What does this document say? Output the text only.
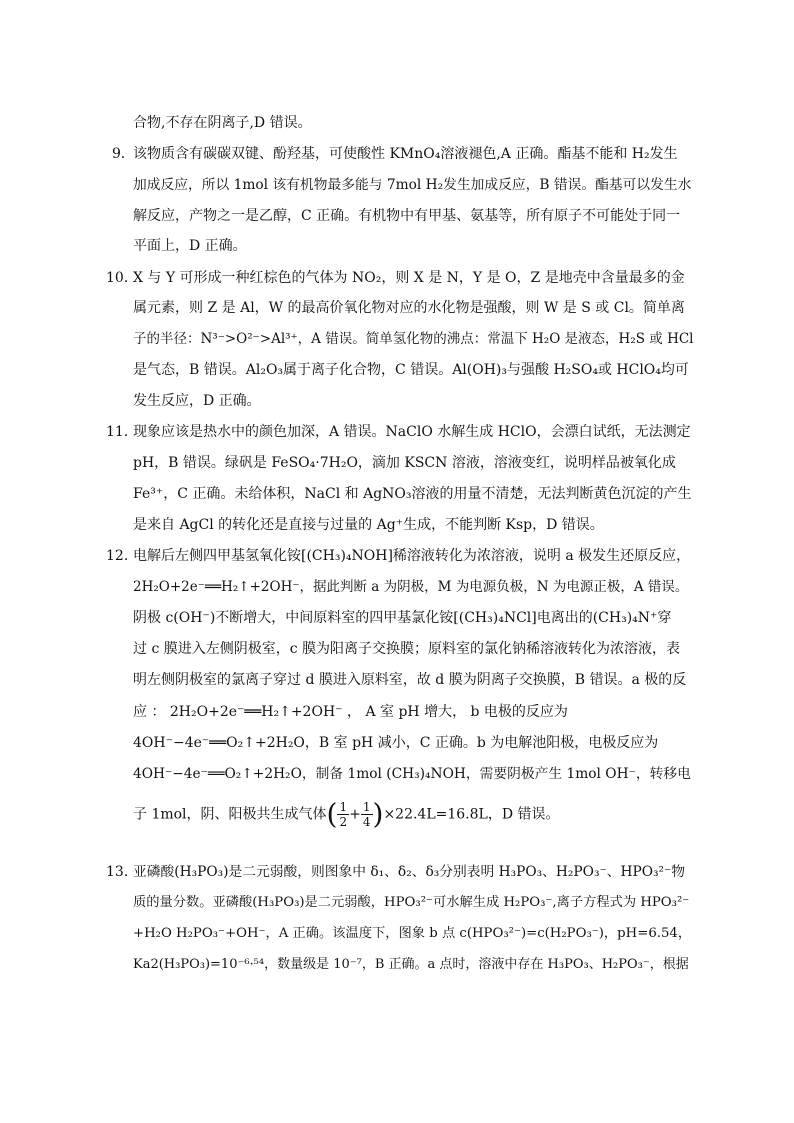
合物,不存在阴离子,D 错误。
9．
该物质含有碳碳双键、酚羟基，可使酸性 KMnO₄溶液褪色,A 正确。酯基不能和 H₂发生
加成反应，所以 1mol 该有机物最多能与 7mol H₂发生加成反应，B 错误。酯基可以发生水
解反应，产物之一是乙醇，C 正确。有机物中有甲基、氨基等，所有原子不可能处于同一
平面上，D 正确。
10．
X 与 Y 可形成一种红棕色的气体为 NO₂，则 X 是 N，Y 是 O，Z 是地壳中含量最多的金
属元素，则 Z 是 Al，W 的最高价氧化物对应的水化物是强酸，则 W 是 S 或 Cl。简单离
子的半径：N³⁻>O²⁻>Al³⁺，A 错误。简单氢化物的沸点：常温下 H₂O 是液态，H₂S 或 HCl
是气态，B 错误。Al₂O₃属于离子化合物，C 错误。Al(OH)₃与强酸 H₂SO₄或 HClO₄均可
发生反应，D 正确。
11．
现象应该是热水中的颜色加深，A 错误。NaClO 水解生成 HClO，会漂白试纸，无法测定
pH，B 错误。绿矾是 FeSO₄·7H₂O，滴加 KSCN 溶液，溶液变红，说明样品被氧化成
Fe³⁺，C 正确。未给体积，NaCl 和 AgNO₃溶液的用量不清楚，无法判断黄色沉淀的产生
是来自 AgCl 的转化还是直接与过量的 Ag⁺生成，不能判断 Ksp，D 错误。
12．
电解后左侧四甲基氢氧化铵[(CH₃)₄NOH]稀溶液转化为浓溶液，说明 a 极发生还原反应，
2H₂O+2e⁻══H₂↑+2OH⁻，据此判断 a 为阴极，M 为电源负极，N 为电源正极，A 错误。
阴极 c(OH⁻)不断增大，中间原料室的四甲基氯化铵[(CH₃)₄NCl]电离出的(CH₃)₄N⁺穿
过 c 膜进入左侧阴极室，c 膜为阳离子交换膜；原料室的氯化钠稀溶液转化为浓溶液，表
明左侧阴极室的氯离子穿过 d 膜进入原料室，故 d 膜为阴离子交换膜，B 错误。a 极的反
应 ： 2H₂O+2e⁻══H₂↑+2OH⁻ ， A 室 pH 增大， b 电极的反应为
4OH⁻−4e⁻══O₂↑+2H₂O，B 室 pH 减小，C 正确。b 为电解池阳极，电极反应为
4OH⁻−4e⁻══O₂↑+2H₂O，制备 1mol (CH₃)₄NOH，需要阴极产生 1mol OH⁻，转移电
子 1mol，阴、阳极共生成气体( $\frac{1}{2} + \frac{1}{4} )\times 22.4L=16.8L$，D 错误。
13．
亚磷酸(H₃PO₃)是二元弱酸，则图象中 δ₁、δ₂、δ₃分别表明 H₃PO₃、H₂PO₃⁻、HPO₃²⁻物
质的量分数。亚磷酸(H₃PO₃)是二元弱酸，HPO₃²⁻可水解生成 H₂PO₃⁻,离子方程式为 HPO₃²⁻
+H₂O H₂PO₃⁻+OH⁻，A 正确。该温度下，图象 b 点 c(HPO₃²⁻)=c(H₂PO₃⁻)，pH=6.54，
Ka2(H₃PO₃)=10⁻⁶·⁵⁴，数量级是 10⁻⁷，B 正确。a 点时，溶液中存在 H₃PO₃、H₂PO₃⁻，根据
